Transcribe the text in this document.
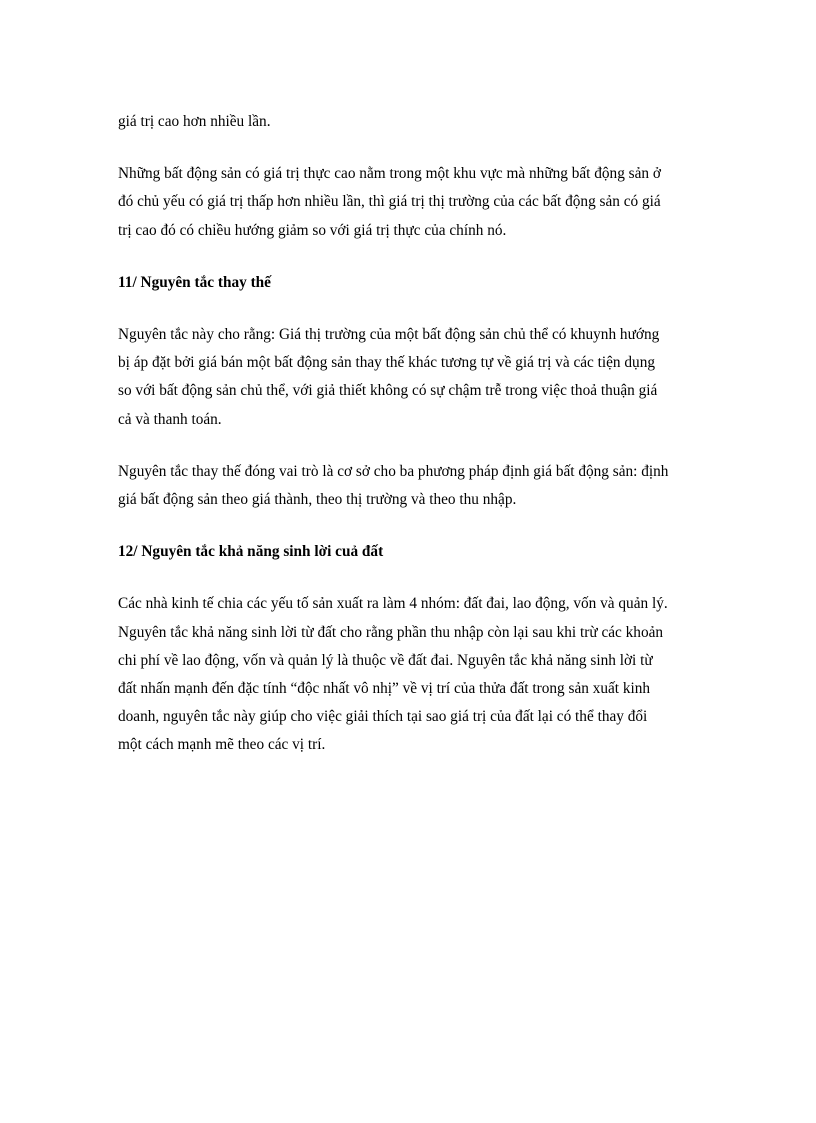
giá trị cao hơn nhiều lần.

Những bất động sản có giá trị thực cao nằm trong một khu vực mà những bất động sản ở
đó chủ yếu có giá trị thấp hơn nhiều lần, thì giá trị thị trường của các bất động sản có giá
trị cao đó có chiều hướng giảm so với giá trị thực của chính nó.

11/ Nguyên tắc thay thế

Nguyên tắc này cho rằng: Giá thị trường của một bất động sản chủ thể có khuynh hướng
bị áp đặt bởi giá bán một bất động sản thay thế khác tương tự về giá trị và các tiện dụng
so với bất động sản chủ thể, với giả thiết không có sự chậm trễ trong việc thoả thuận giá
cả và thanh toán.

Nguyên tắc thay thế đóng vai trò là cơ sở cho ba phương pháp định giá bất động sản: định
giá bất động sản theo giá thành, theo thị trường và theo thu nhập.

12/ Nguyên tắc khả năng sinh lời cuả đất

Các nhà kinh tế chia các yếu tố sản xuất ra làm 4 nhóm: đất đai, lao động, vốn và quản lý.
Nguyên tắc khả năng sinh lời từ đất cho rằng phần thu nhập còn lại sau khi trừ các khoản
chi phí về lao động, vốn và quản lý là thuộc về đất đai. Nguyên tắc khả năng sinh lời từ
đất nhấn mạnh đến đặc tính “độc nhất vô nhị” về vị trí của thửa đất trong sản xuất kinh
doanh, nguyên tắc này giúp cho việc giải thích tại sao giá trị của đất lại có thể thay đổi
một cách mạnh mẽ theo các vị trí.
